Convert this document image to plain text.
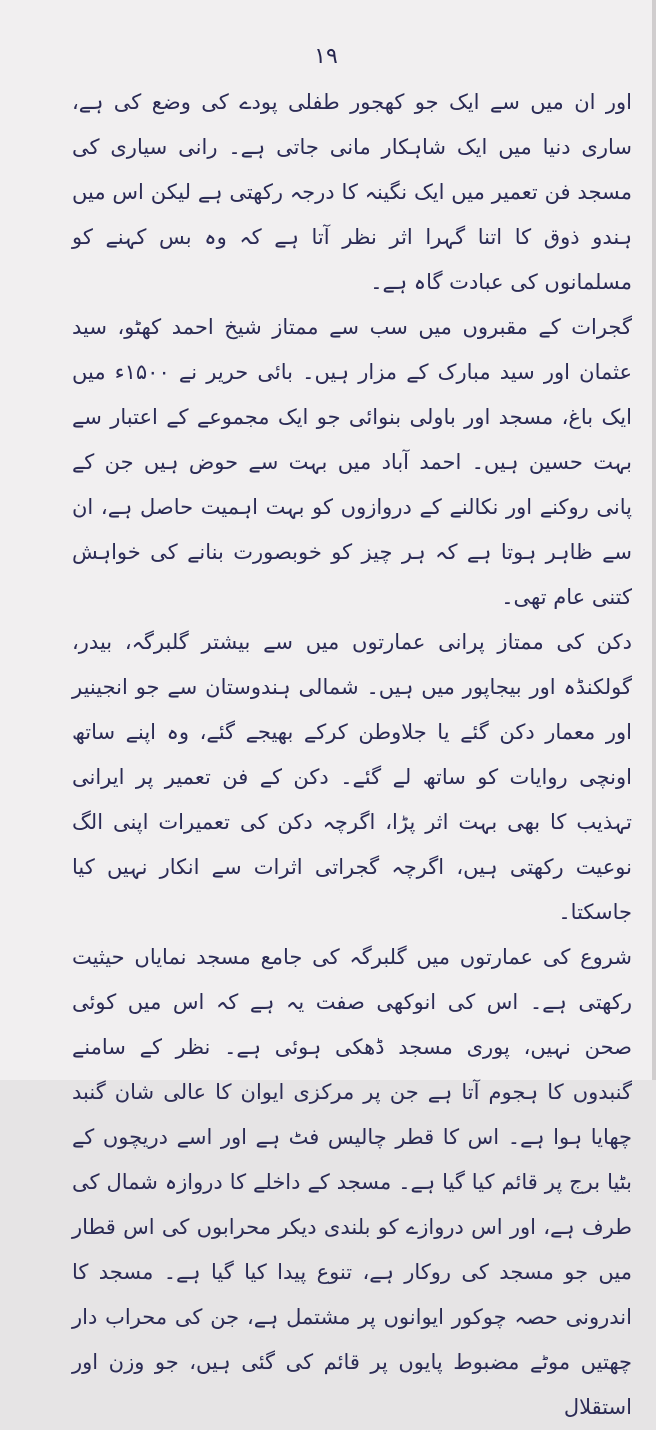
۱۹

اور ان میں سے ایک جو کھجور طفلی پودے کی وضع کی ہے، ساری دنیا میں ایک شاہکار مانی جاتی ہے۔ رانی سیاری کی مسجد فن تعمیر میں ایک نگینہ کا درجہ رکھتی ہے لیکن اس میں ہندو ذوق کا اتنا گہرا اثر نظر آتا ہے کہ وہ بس کہنے کو مسلمانوں کی عبادت گاہ ہے۔

گجرات کے مقبروں میں سب سے ممتاز شیخ احمد کھٹو، سید عثمان اور سید مبارک کے مزار ہیں۔ بائی حریر نے ۱۵۰۰ء میں ایک باغ، مسجد اور باولی بنوائی جو ایک مجموعے کے اعتبار سے بہت حسین ہیں۔ احمد آباد میں بہت سے حوض ہیں جن کے پانی روکنے اور نکالنے کے دروازوں کو بہت اہمیت حاصل ہے، ان سے ظاہر ہوتا ہے کہ ہر چیز کو خوبصورت بنانے کی خواہش کتنی عام تھی۔

دکن کی ممتاز پرانی عمارتوں میں سے بیشتر گلبرگہ، بیدر، گولکنڈہ اور بیجاپور میں ہیں۔ شمالی ہندوستان سے جو انجینیر اور معمار دکن گئے یا جلاوطن کرکے بھیجے گئے، وہ اپنے ساتھ اونچی روایات کو ساتھ لے گئے۔ دکن کے فن تعمیر پر ایرانی تہذیب کا بھی بہت اثر پڑا، اگرچہ دکن کی تعمیرات اپنی الگ نوعیت رکھتی ہیں، اگرچہ گجراتی اثرات سے انکار نہیں کیا جاسکتا۔

شروع کی عمارتوں میں گلبرگہ کی جامع مسجد نمایاں حیثیت رکھتی ہے۔ اس کی انوکھی صفت یہ ہے کہ اس میں کوئی صحن نہیں، پوری مسجد ڈھکی ہوئی ہے۔ نظر کے سامنے گنبدوں کا ہجوم آتا ہے جن پر مرکزی ایوان کا عالی شان گنبد چھایا ہوا ہے۔ اس کا قطر چالیس فٹ ہے اور اسے دریچوں کے بٹیا برج پر قائم کیا گیا ہے۔ مسجد کے داخلے کا دروازہ شمال کی طرف ہے، اور اس دروازے کو بلندی دیکر محرابوں کی اس قطار میں جو مسجد کی روکار ہے، تنوع پیدا کیا گیا ہے۔ مسجد کا اندرونی حصہ چوکور ایوانوں پر مشتمل ہے، جن کی محراب دار چھتیں موٹے مضبوط پایوں پر قائم کی گئی ہیں، جو وزن اور استقلال
